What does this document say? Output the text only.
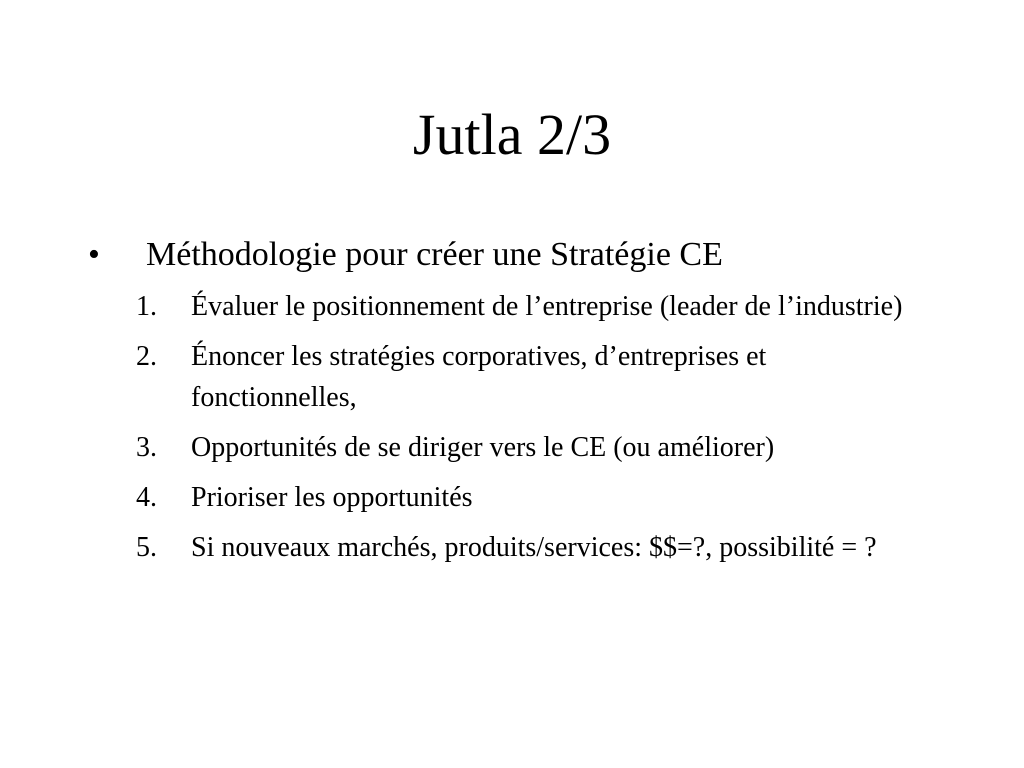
Jutla 2/3
• Méthodologie pour créer une Stratégie CE
1. Évaluer le positionnement de l’entreprise (leader de l’industrie)
2. Énoncer les stratégies corporatives, d’entreprises et fonctionnelles,
3. Opportunités de se diriger vers le CE (ou améliorer)
4. Prioriser les opportunités
5. Si nouveaux marchés, produits/services: $$=?, possibilité = ?
